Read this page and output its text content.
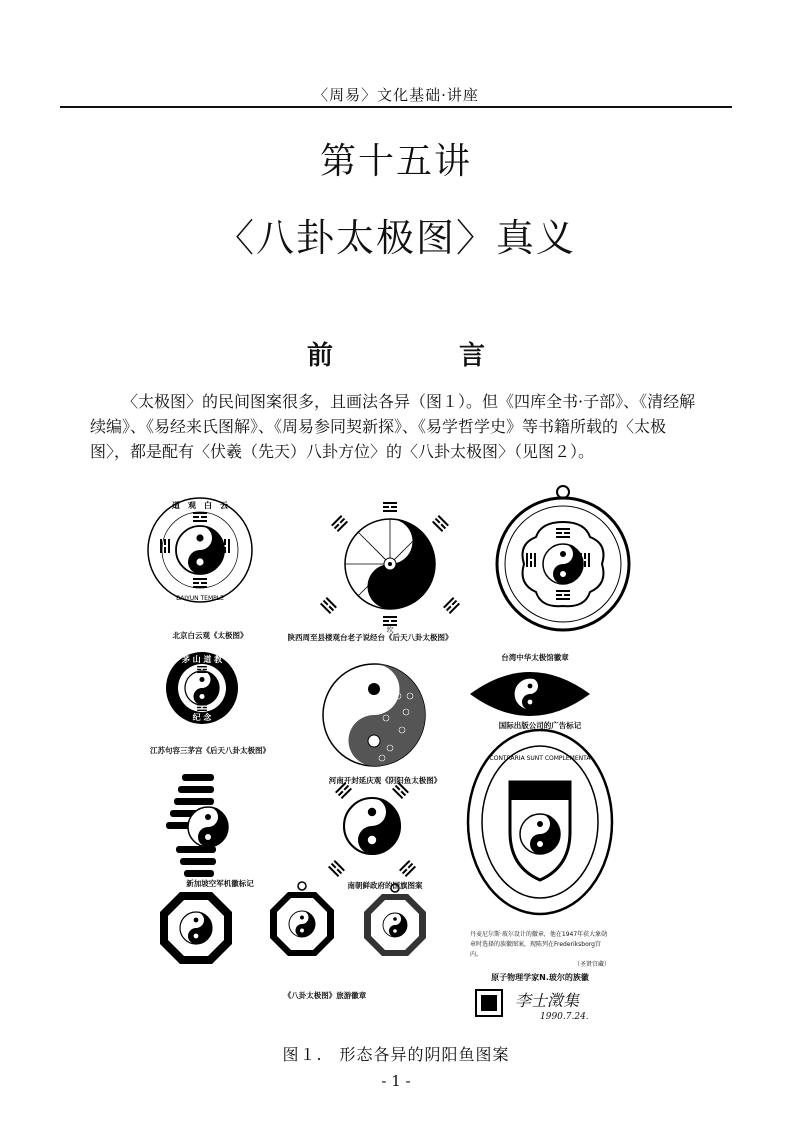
〈周易〉文化基础·讲座
第十五讲
〈八卦太极图〉真义
前　言

〈太极图〉的民间图案很多，且画法各异（图１）。但《四库全书·子部》、《清经解续编》、《易经来氏图解》、《周易参同契新探》、《易学哲学史》等书籍所载的〈太极图〉，都是配有〈伏羲（先天）八卦方位〉的〈八卦太极图〉（见图２）。

道　观　白　云
BAIYUN TEMPLE
坎
茅 山 道 教
纪 念
CONTRARIA SUNT COMPLEMENTA
北京白云观《太极图》	陕西周至县楼观台老子说经台《后天八卦太极图》
台湾中华太极馆徽章
江苏句容三茅宫《后天八卦太极图》
河南开封延庆观《阴阳鱼太极图》
国际出版公司的广告标记
新加坡空军机徽标记	南朝鲜政府的国旗图案
《八卦太极图》旅游徽章
丹麦尼尔斯·玻尔设计的徽章，他在1947年获大象勋章时选择的族徽图案，现陈列在Frederiksborg宫内。
（圣贤宫藏）
原子物理学家N.玻尔的族徽
李士澂集
1990.7.24.
图１.　形态各异的阴阳鱼图案
- 1 -
